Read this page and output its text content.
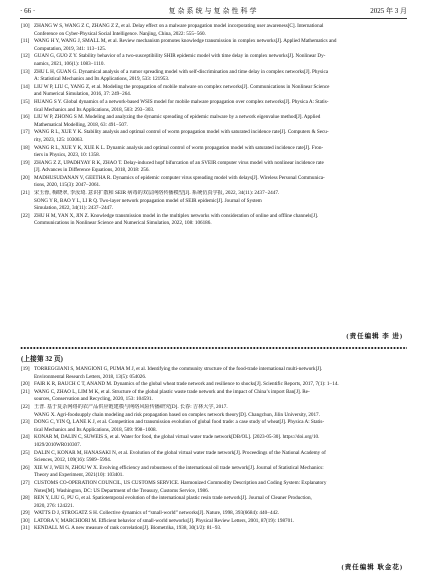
· 66 ·	复杂系统与复杂性科学	2025 年 3 月
[10] ZHANG W S, WANG Z C, ZHANG Z Z, et al. Delay effect on a malware propagation model incorporating user awareness[C]. International
Conference on Cyber-Physical Social Intelligence. Nanjing, China, 2022: 555−560.
[11] WANG H Y, WANG J, SMALL M, et al. Review mechanism promotes knowledge transmission in complex networks[J]. Applied Mathematics and
Computation, 2019, 341: 113−125.
[12] GUAN G, GUO Z Y. Stability behavior of a two-susceptibility SHIR epidemic model with time delay in complex networks[J]. Nonlinear Dy-
namics, 2021, 106(1): 1083−1110.
[13] ZHU L H, GUAN G. Dynamical analysis of a rumor spreading model with self-discrimination and time delay in complex networks[J]. Physica
A: Statistical Mechanics and Its Applications, 2019, 533: 121953.
[14] LIU W P, LIU C, YANG Z, et al. Modeling the propagation of mobile malware on complex networks[J]. Communications in Nonlinear Science
and Numerical Simulation, 2016, 37: 249−264.
[15] HUANG S Y. Global dynamics of a network-based WSIS model for mobile malware propagation over complex networks[J]. Physica A: Statis-
tical Mechanics and Its Applications, 2018, 503: 293−303.
[16] LIU W P, ZHONG S M. Modeling and analyzing the dynamic spreading of epidemic malware by a network eigenvalue method[J]. Applied
Mathematical Modelling, 2018, 63: 491−507.
[17] WANG R L, XUE Y K. Stability analysis and optimal control of worm propagation model with saturated incidence rate[J]. Computers & Secu-
rity, 2023, 125: 103063.
[18] WANG R L, XUE Y K, XUE K L. Dynamic analysis and optimal control of worm propagation model with saturated incidence rate[J]. Fron-
tiers in Physics, 2023, 10: 1358.
[19] ZHANG Z Z, UPADHYAY R K, ZHAO T. Delay-induced hopf bifurcation of an SVEIR computer virus model with nonlinear incidence rate
[J]. Advances in Difference Equations, 2018, 2018: 256.
[20] MADHUSUDANAN V, GEETHA R. Dynamics of epidemic computer virus spreading model with delays[J]. Wireless Personal Communica-
tions, 2020, 115(3): 2047−2061.
[21] 宋玉蓉, 梅晓翠, 李汝琦. 意识扩散和 SEIR 病毒的双层网络传播模型[J]. 系统仿真学报, 2022, 34(11): 2437−2447.
SONG Y R, BAO Y L, LI R Q. Two-layer network propagation model of SEIR epidemic[J]. Journal of System
Simulation, 2022, 34(11): 2437−2447.
[22] ZHU H M, YAN X, JIN Z. Knowledge transmission model in the multiplex networks with consideration of online and offline channels[J].
Communications in Nonlinear Science and Numerical Simulation, 2022, 108: 106186.
(责任编辑 李 进)
(上接第 32 页)
[19] TORREGGIANI S, MANGIONI G, PUMA M J, et al. Identifying the community structure of the food-trade international multi-network[J].
Environmental Research Letters, 2018, 13(5): 054026.
[20] FAIR K R, BAUCH C T, ANAND M. Dynamics of the global wheat trade network and resilience to shocks[J]. Scientific Reports, 2017, 7(1): 1−14.
[21] WANG C, ZHAO L, LIM M K, et al. Structure of the global plastic waste trade network and the impact of China’s import Ban[J]. Re-
sources, Conservation and Recycling, 2020, 153: 104591.
[22] 王普. 基于复杂网络的农产品供应链建模与网络风险传播研究[D]. 长春: 吉林大学, 2017.
WANG X. Agri-foodsupply chain modeling and risk propagation based on complex network theory[D]. Changchun, Jilin University, 2017.
[23] DONG C, YIN Q, LANE K J, et al. Competition and transmission evolution of global food trade: a case study of wheat[J]. Physica A: Statis-
tical Mechanics and Its Applications, 2018, 509: 998−1008.
[24] KONAR M, DALIN C, SUWEIS S, et al. Water for food, the global virtual water trade network[DB/OL]. [2023-05-30]. https://doi.org/10.
1029/2010WR010307.
[25] DALIN C, KONAR M, HANASAKI N, et al. Evolution of the global virtual water trade network[J]. Proceedings of the National Academy of
Sciences, 2012, 109(16): 5989−5994.
[26] XIE W J, WEI N, ZHOU W X. Evolving efficiency and robustness of the international oil trade network[J]. Journal of Statistical Mechanics:
Theory and Experiment, 2021(10): 103401.
[27] CUSTOMS CO-OPERATION COUNCIL, US CUSTOMS SERVICE. Harmonized Commodity Description and Coding System: Explanatory
Notes[M]. Washington, DC: US Department of the Treasury, Customs Service, 1986.
[28] REN Y, LIU G, PU G, et al. Spatiotemporal evolution of the international plastic resin trade network[J]. Journal of Cleaner Production,
2020, 276: 124221.
[29] WATTS D J, STROGATZ S H. Collective dynamics of “small-world” networks[J]. Nature, 1998, 393(6684): 440−442.
[30] LATORA V, MARCHIORI M. Efficient behavior of small-world networks[J]. Physical Review Letters, 2001, 87(19): 198701.
[31] KENDALL M G. A new measure of rank correlation[J]. Biometrika, 1938, 30(1/2): 81−93.
(责任编辑 耿金花)
